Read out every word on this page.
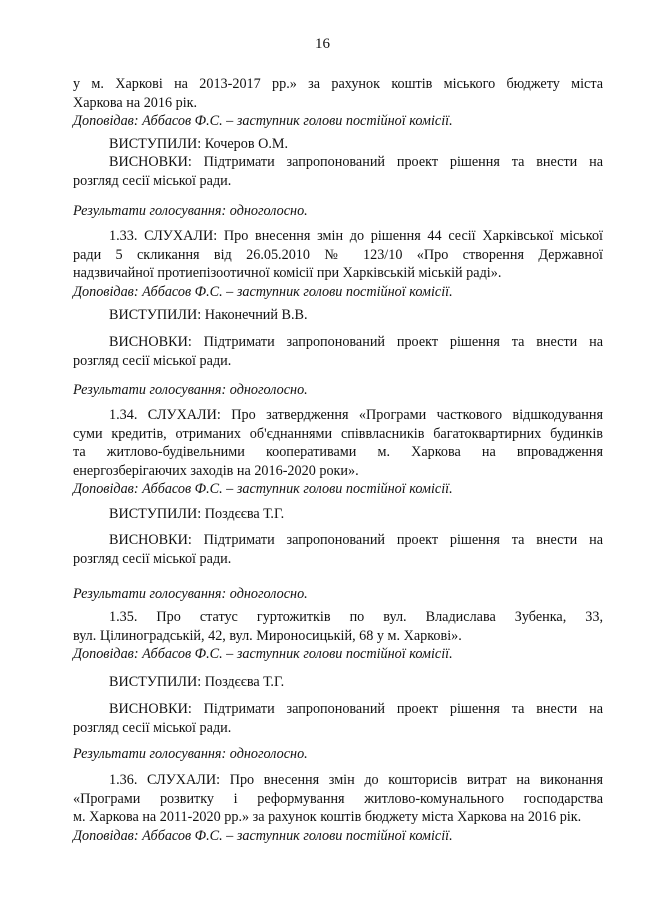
16

у м. Харкові на 2013-2017 рр.» за рахунок коштів міського бюджету міста

Харкова на 2016 рік.

Доповідав: Аббасов Ф.С. – заступник голови постійної комісії.

ВИСТУПИЛИ: Кочеров О.М.

ВИСНОВКИ: Підтримати запропонований проект рішення та внести на

розгляд сесії міської ради.

Результати голосування: одноголосно.

1.33. СЛУХАЛИ: Про внесення змін до рішення 44 сесії Харківської міської

ради 5 скликання від 26.05.2010 № 123/10 «Про створення Державної

надзвичайної протиепізоотичної комісії при Харківській міській раді».

Доповідав: Аббасов Ф.С. – заступник голови постійної комісії.

ВИСТУПИЛИ: Наконечний В.В.

ВИСНОВКИ: Підтримати запропонований проект рішення та внести на

розгляд сесії міської ради.

Результати голосування: одноголосно.

1.34. СЛУХАЛИ: Про затвердження «Програми часткового відшкодування

суми кредитів, отриманих об'єднаннями співвласників багатоквартирних будинків

та житлово-будівельними кооперативами м. Харкова на впровадження

енергозберігаючих заходів на 2016-2020 роки».

Доповідав: Аббасов Ф.С. – заступник голови постійної комісії.

ВИСТУПИЛИ: Поздєєва Т.Г.

ВИСНОВКИ: Підтримати запропонований проект рішення та внести на

розгляд сесії міської ради.

Результати голосування: одноголосно.

1.35. Про статус гуртожитків по вул. Владислава Зубенка, 33,

вул. Цілиноградській, 42, вул. Мироносицькій, 68 у м. Харкові».

Доповідав: Аббасов Ф.С. – заступник голови постійної комісії.

ВИСТУПИЛИ: Поздєєва Т.Г.

ВИСНОВКИ: Підтримати запропонований проект рішення та внести на

розгляд сесії міської ради.

Результати голосування: одноголосно.

1.36. СЛУХАЛИ: Про внесення змін до кошторисів витрат на виконання

«Програми розвитку і реформування житлово-комунального господарства

м. Харкова на 2011-2020 рр.» за рахунок коштів бюджету міста Харкова на 2016 рік.

Доповідав: Аббасов Ф.С. – заступник голови постійної комісії.
